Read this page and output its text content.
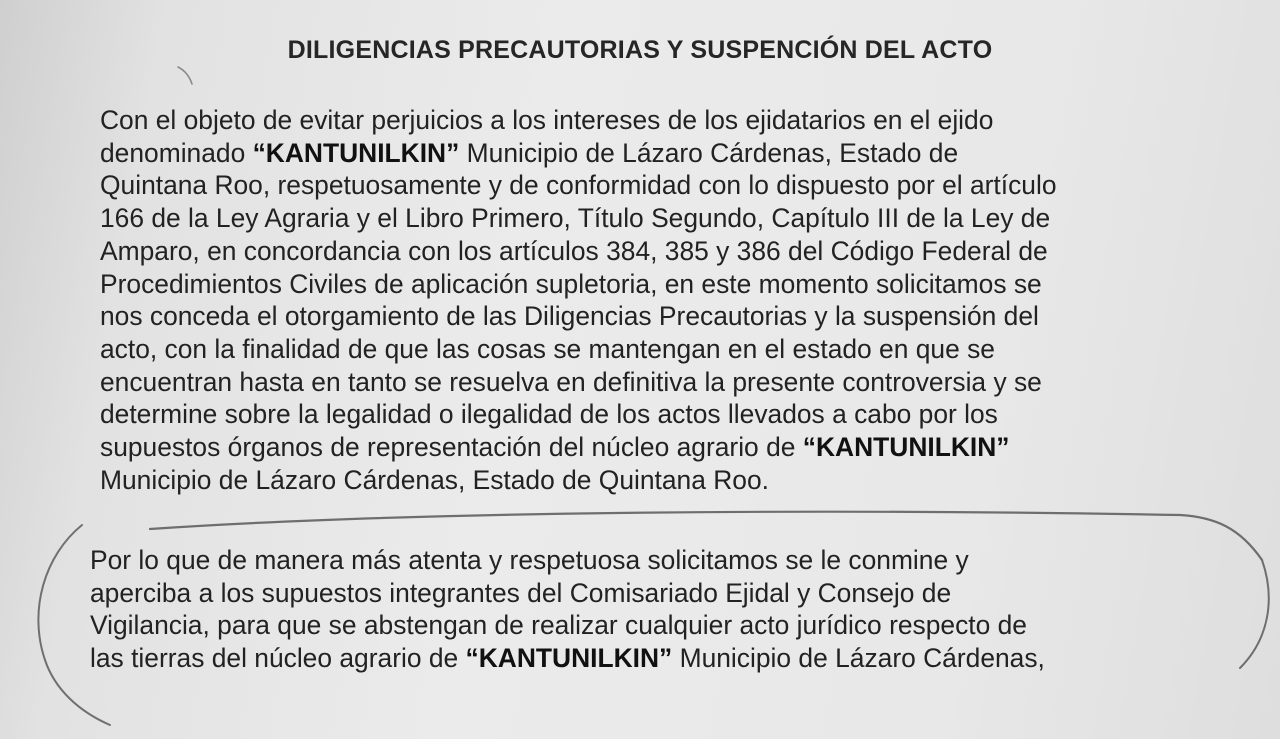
DILIGENCIAS PRECAUTORIAS Y SUSPENCIÓN DEL ACTO

Con el objeto de evitar perjuicios a los intereses de los ejidatarios en el ejido
denominado “KANTUNILKIN” Municipio de Lázaro Cárdenas, Estado de
Quintana Roo, respetuosamente y de conformidad con lo dispuesto por el artículo
166 de la Ley Agraria y el Libro Primero, Título Segundo, Capítulo III de la Ley de
Amparo, en concordancia con los artículos 384, 385 y 386 del Código Federal de
Procedimientos Civiles de aplicación supletoria, en este momento solicitamos se
nos conceda el otorgamiento de las Diligencias Precautorias y la suspensión del
acto, con la finalidad de que las cosas se mantengan en el estado en que se
encuentran hasta en tanto se resuelva en definitiva la presente controversia y se
determine sobre la legalidad o ilegalidad de los actos llevados a cabo por los
supuestos órganos de representación del núcleo agrario de “KANTUNILKIN”
Municipio de Lázaro Cárdenas, Estado de Quintana Roo.

Por lo que de manera más atenta y respetuosa solicitamos se le conmine y
aperciba a los supuestos integrantes del Comisariado Ejidal y Consejo de
Vigilancia, para que se abstengan de realizar cualquier acto jurídico respecto de
las tierras del núcleo agrario de “KANTUNILKIN” Municipio de Lázaro Cárdenas,
